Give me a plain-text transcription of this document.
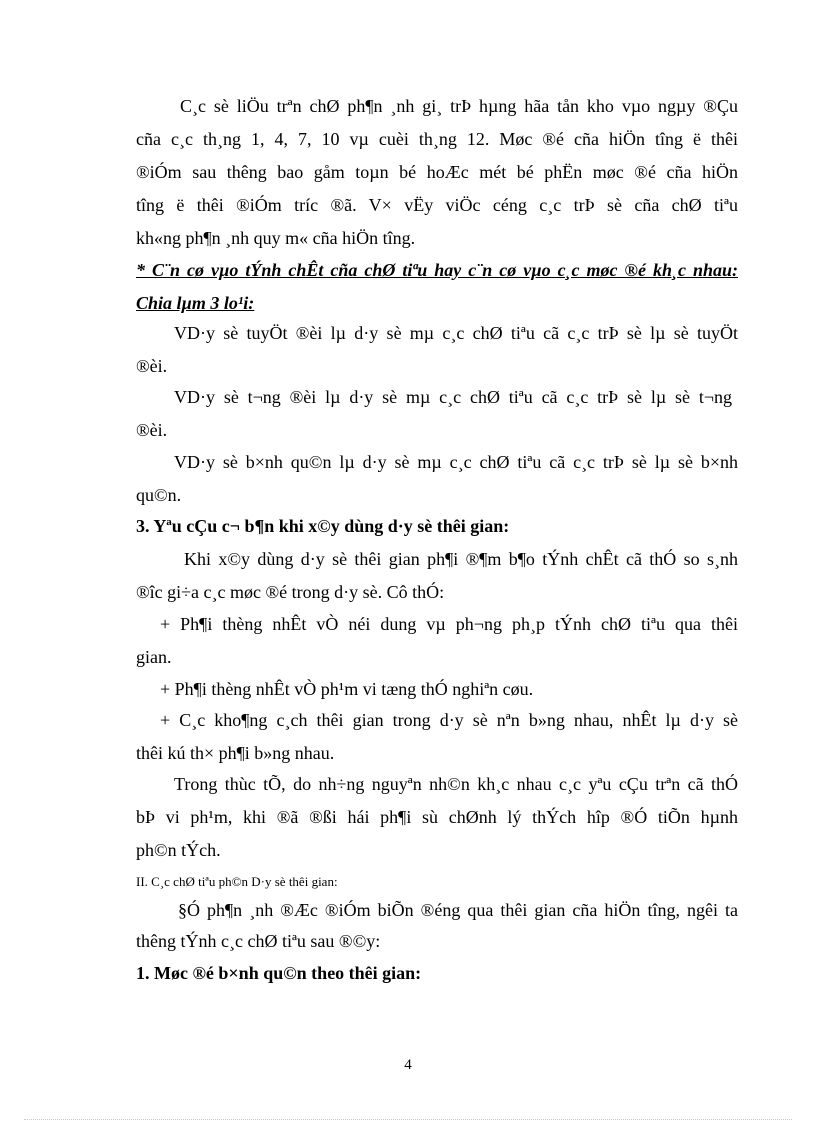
C¸c sè liÖu trªn chØ ph¶n ¸nh gi¸ trÞ hµng hãa tån kho vµo ngµy ®Çu
cña c¸c th¸ng 1, 4, 7, 10 vµ cuèi th¸ng 12. Møc ®é cña hiÖn tîng ë thêi
®iÓm sau thêng bao gåm toµn bé hoÆc mét bé phËn møc ®é cña hiÖn
tîng ë thêi ®iÓm tríc ®ã. V× vËy viÖc céng c¸c trÞ sè cña chØ tiªu
kh«ng ph¶n ¸nh quy m« cña hiÖn tîng.
* C¨n cø vµo tÝnh chÊt cña chØ tiªu hay c¨n cø vµo c¸c møc ®é kh¸c nhau:
Chia lµm 3 lo¹i:
VD·y sè tuyÖt ®èi lµ d·y sè mµ c¸c chØ tiªu cã c¸c trÞ sè lµ sè tuyÖt
®èi.
VD·y sè t¬ng ®èi lµ d·y sè mµ c¸c chØ tiªu cã c¸c trÞ sè lµ sè t¬ng
®èi.
VD·y sè b×nh qu©n lµ d·y sè mµ c¸c chØ tiªu cã c¸c trÞ sè lµ sè b×nh
qu©n.
3. Yªu cÇu c¬ b¶n khi x©y dùng d·y sè thêi gian:
Khi x©y dùng d·y sè thêi gian ph¶i ®¶m b¶o tÝnh chÊt cã thÓ so s¸nh
®îc gi÷a c¸c møc ®é trong d·y sè. Cô thÓ:
+ Ph¶i thèng nhÊt vÒ néi dung vµ ph¬ng ph¸p tÝnh chØ tiªu qua thêi
gian.
+ Ph¶i thèng nhÊt vÒ ph¹m vi tæng thÓ nghiªn cøu.
+ C¸c kho¶ng c¸ch thêi gian trong d·y sè nªn b»ng nhau, nhÊt lµ d·y sè
thêi kú th× ph¶i b»ng nhau.
Trong thùc tÕ, do nh÷ng nguyªn nh©n kh¸c nhau c¸c yªu cÇu trªn cã thÓ
bÞ vi ph¹m, khi ®ã ®ßi hái ph¶i sù chØnh lý thÝch hîp ®Ó tiÕn hµnh
ph©n tÝch.
II. C¸c chØ tiªu ph©n D·y sè thêi gian:
§Ó ph¶n ¸nh ®Æc ®iÓm biÕn ®éng qua thêi gian cña hiÖn tîng, ngêi ta
thêng tÝnh c¸c chØ tiªu sau ®©y:
1. Møc ®é b×nh qu©n theo thêi gian:
4
